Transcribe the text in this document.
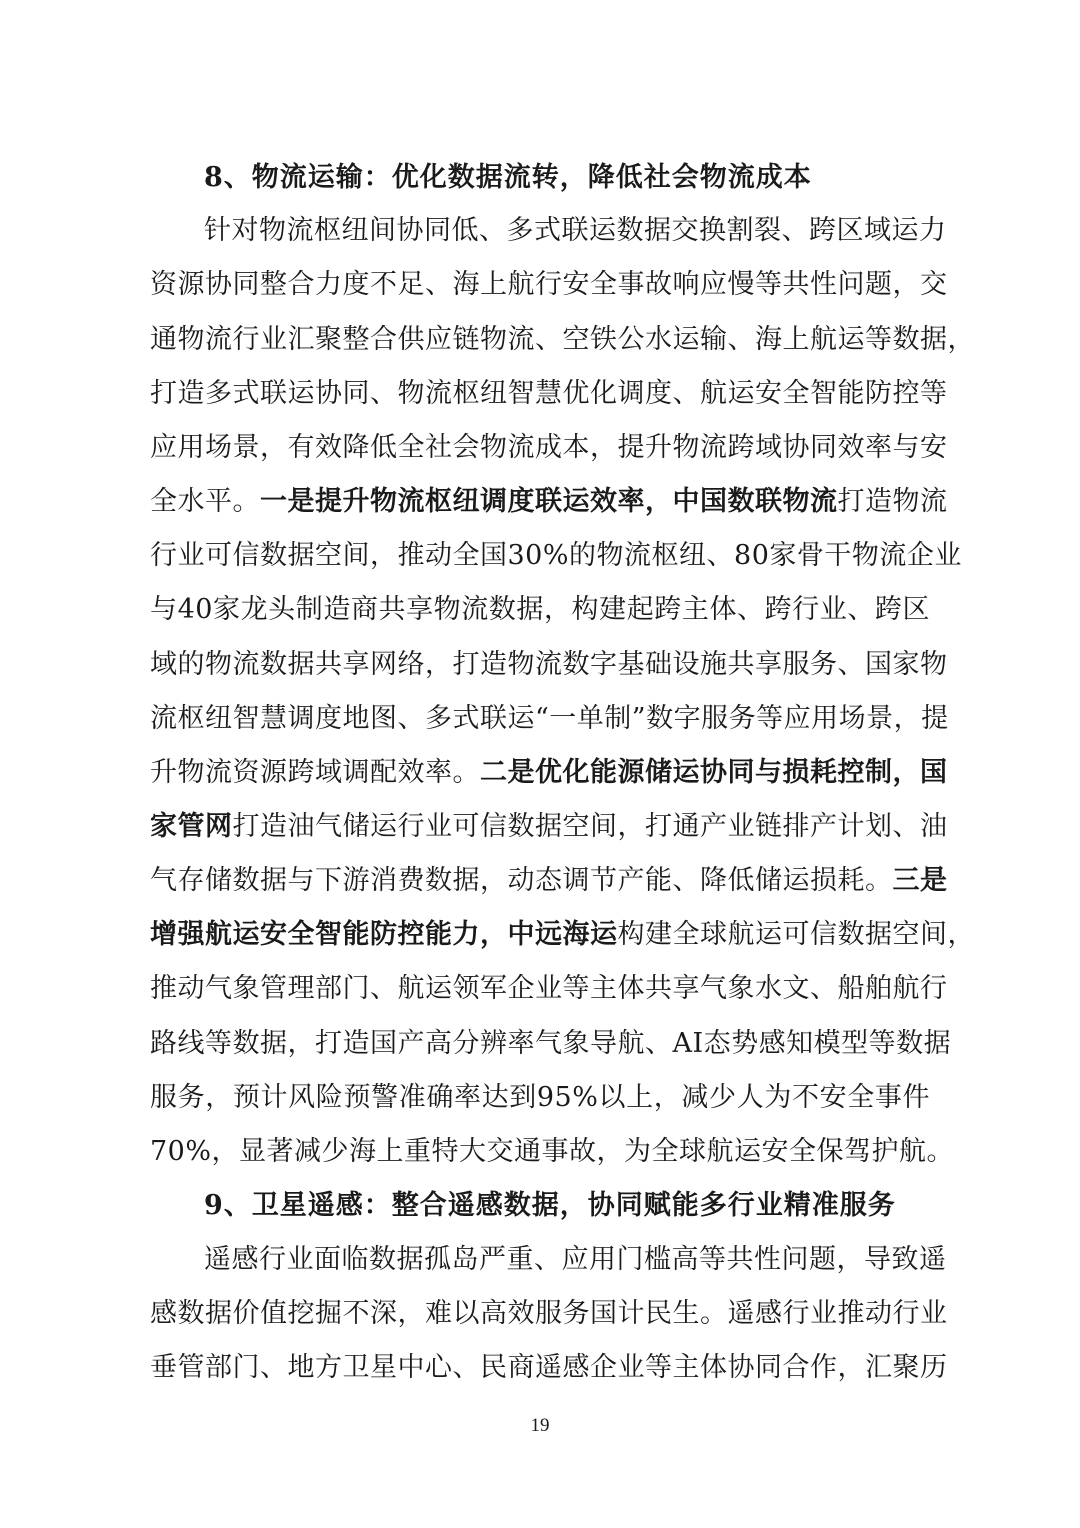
8、物流运输：优化数据流转，降低社会物流成本
针对物流枢纽间协同低、多式联运数据交换割裂、跨区域运力
资源协同整合力度不足、海上航行安全事故响应慢等共性问题，交
通物流行业汇聚整合供应链物流、空铁公水运输、海上航运等数据，
打造多式联运协同、物流枢纽智慧优化调度、航运安全智能防控等
应用场景，有效降低全社会物流成本，提升物流跨域协同效率与安
全水平。一是提升物流枢纽调度联运效率，中国数联物流打造物流
行业可信数据空间，推动全国30%的物流枢纽、80家骨干物流企业
与40家龙头制造商共享物流数据，构建起跨主体、跨行业、跨区
域的物流数据共享网络，打造物流数字基础设施共享服务、国家物
流枢纽智慧调度地图、多式联运“一单制”数字服务等应用场景，提
升物流资源跨域调配效率。二是优化能源储运协同与损耗控制，国
家管网打造油气储运行业可信数据空间，打通产业链排产计划、油
气存储数据与下游消费数据，动态调节产能、降低储运损耗。三是
增强航运安全智能防控能力，中远海运构建全球航运可信数据空间，
推动气象管理部门、航运领军企业等主体共享气象水文、船舶航行
路线等数据，打造国产高分辨率气象导航、AI态势感知模型等数据
服务，预计风险预警准确率达到95%以上，减少人为不安全事件
70%，显著减少海上重特大交通事故，为全球航运安全保驾护航。
9、卫星遥感：整合遥感数据，协同赋能多行业精准服务
遥感行业面临数据孤岛严重、应用门槛高等共性问题，导致遥
感数据价值挖掘不深，难以高效服务国计民生。遥感行业推动行业
垂管部门、地方卫星中心、民商遥感企业等主体协同合作，汇聚历
19
